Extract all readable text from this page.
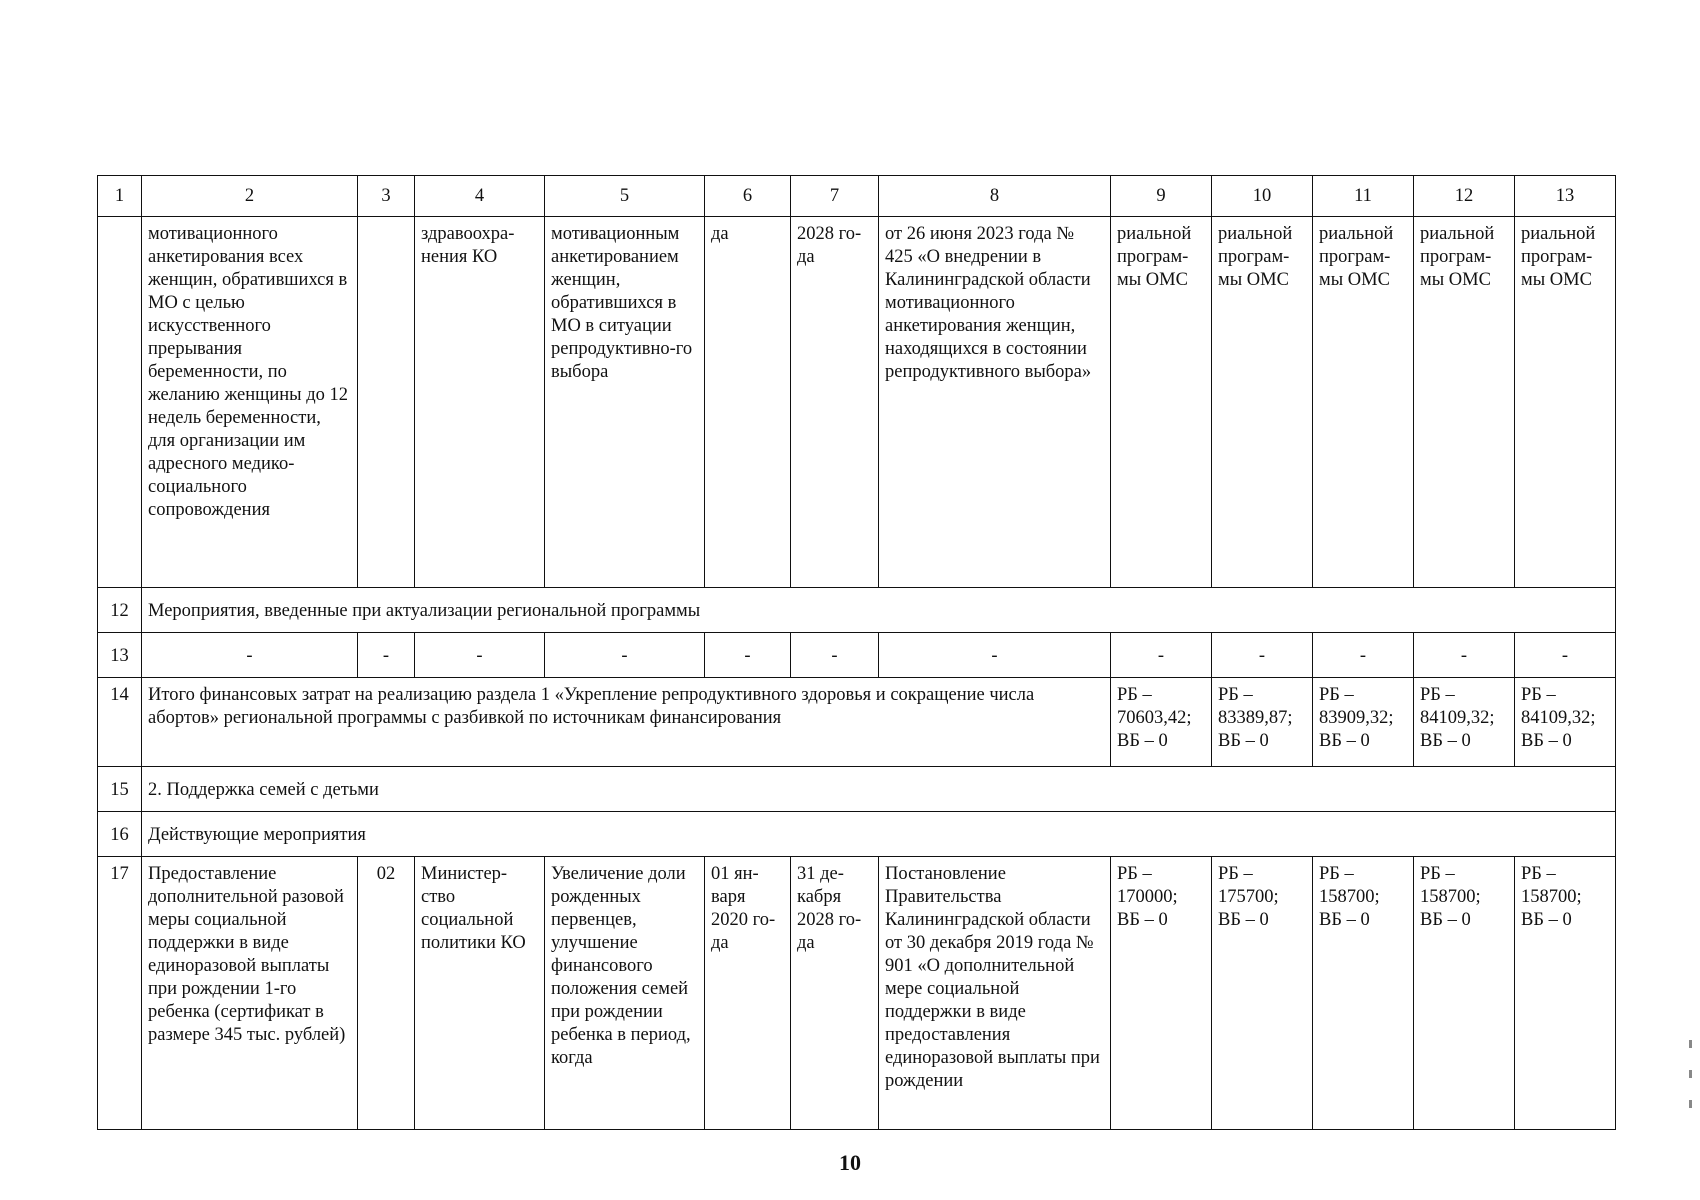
1	2	3	4	5	6	7	8	9	10	11	12	13
	мотивационного анкетирования всех женщин, обратившихся в МО с целью искусственного прерывания беременности, по желанию женщины до 12 недель беременности, для организации им адресного медико-социального сопровождения		здравоохра-нения КО	мотивационным анкетированием женщин, обратившихся в МО в ситуации репродуктивно-го выбора	да	2028 го-да	от 26 июня 2023 года № 425 «О внедрении в Калининградской области мотивационного анкетирования женщин, находящихся в состоянии репродуктивного выбора»	риальной програм-мы ОМС	риальной програм-мы ОМС	риальной програм-мы ОМС	риальной програм-мы ОМС	риальной програм-мы ОМС
12	Мероприятия, введенные при актуализации региональной программы											
13	-	-	-	-	-	-	-	-	-	-	-	-
14	Итого финансовых затрат на реализацию раздела 1 «Укрепление репродуктивного здоровья и сокращение числа абортов» региональной программы с разбивкой по источникам финансирования							РБ – 70603,42; ВБ – 0	РБ – 83389,87; ВБ – 0	РБ – 83909,32; ВБ – 0	РБ – 84109,32; ВБ – 0	РБ – 84109,32; ВБ – 0
15	2. Поддержка семей с детьми											
16	Действующие мероприятия											
17	Предоставление дополнительной разовой меры социальной поддержки в виде единоразовой выплаты при рождении 1-го ребенка (сертификат в размере 345 тыс. рублей)	02	Министер-ство социальной политики КО	Увеличение доли рожденных первенцев, улучшение финансового положения семей при рождении ребенка в период, когда	01 ян-варя 2020 го-да	31 де-кабря 2028 го-да	Постановление Правительства Калининградской области от 30 декабря 2019 года № 901 «О дополнительной мере социальной поддержки в виде предоставления единоразовой выплаты при рождении	РБ – 170000; ВБ – 0	РБ – 175700; ВБ – 0	РБ – 158700; ВБ – 0	РБ – 158700; ВБ – 0	РБ – 158700; ВБ – 0
10
